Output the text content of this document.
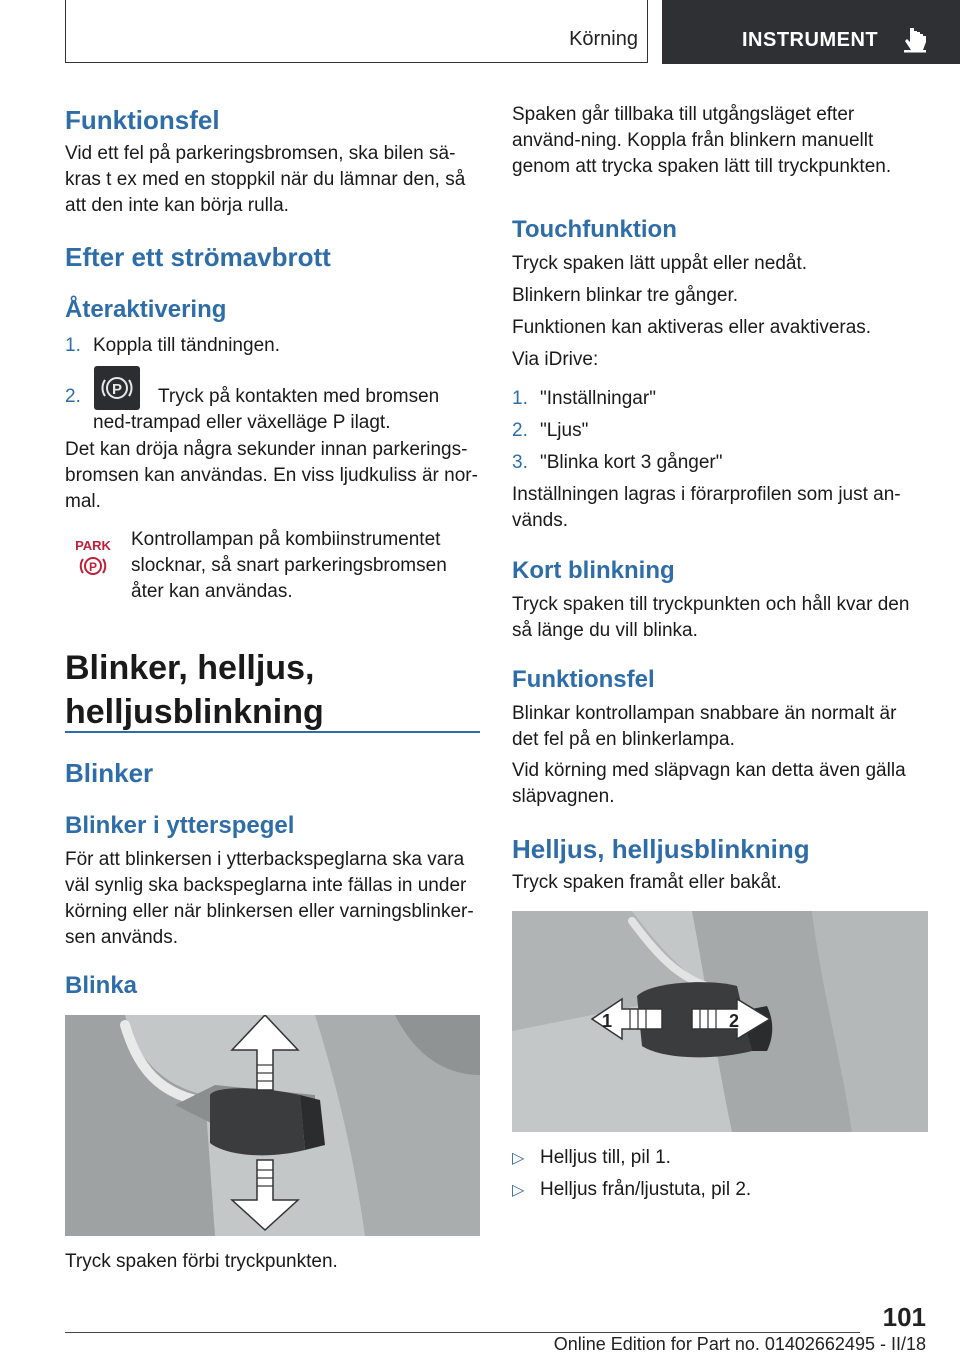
Körning	INSTRUMENT
Funktionsfel

Vid ett fel på parkeringsbromsen, ska bilen sä-kras t ex med en stoppkil när du lämnar den, så att den inte kan börja rulla.

Efter ett strömavbrott
Återaktivering
1. Koppla till tändningen.
2.	P	Tryck på kontakten med bromsen ned-trampad eller växelläge P ilagt.

Det kan dröja några sekunder innan parkerings-bromsen kan användas. En viss ljudkuliss är nor-mal.

PARK
P

Kontrollampan på kombiinstrumentet slocknar, så snart parkeringsbromsen åter kan användas.

Blinker, helljus,
helljusblinkning
Blinker
Blinker i ytterspegel

För att blinkersen i ytterbackspeglarna ska vara väl synlig ska backspeglarna inte fällas in under körning eller när blinkersen eller varningsblinker-sen används.

Blinka

Tryck spaken förbi tryckpunkten.

Spaken går tillbaka till utgångsläget efter använd-ning. Koppla från blinkern manuellt genom att trycka spaken lätt till tryckpunkten.

Touchfunktion

Tryck spaken lätt uppåt eller nedåt.

Blinkern blinkar tre gånger.

Funktionen kan aktiveras eller avaktiveras.

Via iDrive:

1. "Inställningar"
2. "Ljus"
3. "Blinka kort 3 gånger"

Inställningen lagras i förarprofilen som just an-vänds.

Kort blinkning

Tryck spaken till tryckpunkten och håll kvar den så länge du vill blinka.

Funktionsfel

Blinkar kontrollampan snabbare än normalt är det fel på en blinkerlampa.

Vid körning med släpvagn kan detta även gälla släpvagnen.

Helljus, helljusblinkning

Tryck spaken framåt eller bakåt.

1	2
▷ Helljus till, pil 1.
▷ Helljus från/ljustuta, pil 2.
101
Online Edition for Part no. 01402662495 - II/18
